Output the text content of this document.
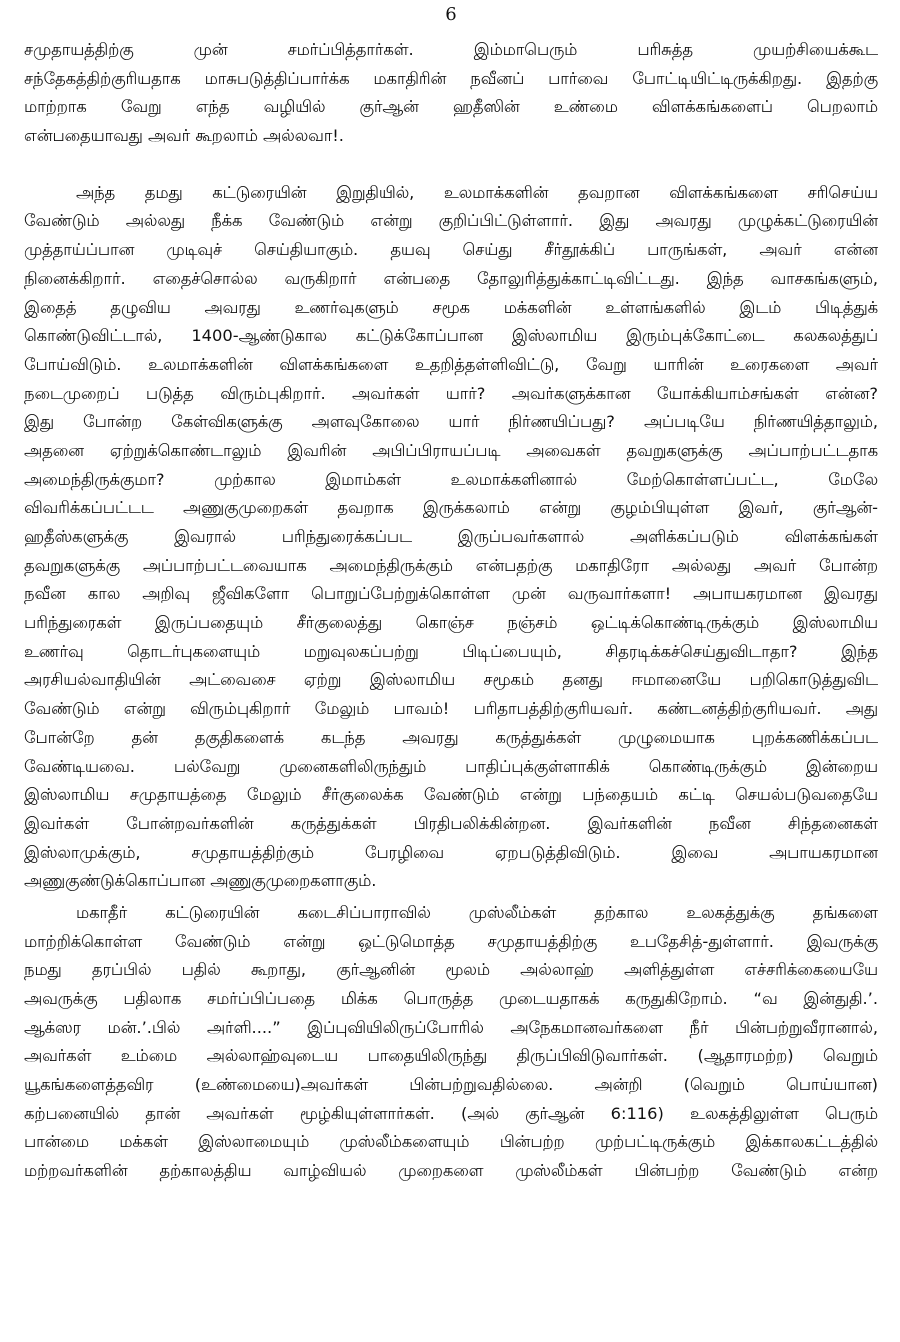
6
சமுதாயத்திற்கு முன் சமர்ப்பித்தார்கள். இம்மாபெரும் பரிசுத்த முயற்சியைக்கூட
சந்தேகத்திற்குரியதாக மாசுபடுத்திப்பார்க்க மகாதிரின் நவீனப் பார்வை போட்டியிட்டிருக்கிறது. இதற்கு
மாற்றாக வேறு எந்த வழியில் குர்ஆன் ஹதீஸின் உண்மை விளக்கங்களைப் பெறலாம்
என்பதையாவது அவர் கூறலாம் அல்லவா!.
அந்த தமது கட்டுரையின் இறுதியில், உலமாக்களின் தவறான விளக்கங்களை சரிசெய்ய
வேண்டும் அல்லது நீக்க வேண்டும் என்று குறிப்பிட்டுள்ளார். இது அவரது முழுக்கட்டுரையின்
முத்தாய்ப்பான முடிவுச் செய்தியாகும். தயவு செய்து சீர்தூக்கிப் பாருங்கள், அவர் என்ன
நினைக்கிறார். எதைச்சொல்ல வருகிறார் என்பதை தோலுரித்துக்காட்டிவிட்டது. இந்த வாசகங்களும்,
இதைத் தழுவிய அவரது உணர்வுகளும் சமூக மக்களின் உள்ளங்களில் இடம் பிடித்துக்
கொண்டுவிட்டால், 1400-ஆண்டுகால கட்டுக்கோப்பான இஸ்லாமிய இரும்புக்கோட்டை கலகலத்துப்
போய்விடும். உலமாக்களின் விளக்கங்களை உதறித்தள்ளிவிட்டு, வேறு யாரின் உரைகளை அவர்
நடைமுறைப் படுத்த விரும்புகிறார். அவர்கள் யார்? அவர்களுக்கான யோக்கியாம்சங்கள் என்ன?
இது போன்ற கேள்விகளுக்கு அளவுகோலை யார் நிர்ணயிப்பது? அப்படியே நிர்ணயித்தாலும்,
அதனை ஏற்றுக்கொண்டாலும் இவரின் அபிப்பிராயப்படி அவைகள் தவறுகளுக்கு அப்பாற்பட்டதாக
அமைந்திருக்குமா? முற்கால இமாம்கள் உலமாக்களினால் மேற்கொள்ளப்பட்ட, மேலே
விவரிக்கப்பட்டட அணுகுமுறைகள் தவறாக இருக்கலாம் என்று குழம்பியுள்ள இவர், குர்ஆன்-
ஹதீஸ்களுக்கு இவரால் பரிந்துரைக்கப்பட இருப்பவர்களால் அளிக்கப்படும் விளக்கங்கள்
தவறுகளுக்கு அப்பாற்பட்டவையாக அமைந்திருக்கும் என்பதற்கு மகாதிரோ அல்லது அவர் போன்ற
நவீன கால அறிவு ஜீவிகளோ பொறுப்பேற்றுக்கொள்ள முன் வருவார்களா! அபாயகரமான இவரது
பரிந்துரைகள் இருப்பதையும் சீர்குலைத்து கொஞ்ச நஞ்சம் ஒட்டிக்கொண்டிருக்கும் இஸ்லாமிய
உணர்வு தொடர்புகளையும் மறுவுலகப்பற்று பிடிப்பையும், சிதரடிக்கச்செய்துவிடாதா? இந்த
அரசியல்வாதியின் அட்வைசை ஏற்று இஸ்லாமிய சமூகம் தனது ஈமானையே பறிகொடுத்துவிட
வேண்டும் என்று விரும்புகிறார் மேலும் பாவம்! பரிதாபத்திற்குரியவர். கண்டனத்திற்குரியவர். அது
போன்றே தன் தகுதிகளைக் கடந்த அவரது கருத்துக்கள் முழுமையாக புறக்கணிக்கப்பட
வேண்டியவை. பல்வேறு முனைகளிலிருந்தும் பாதிப்புக்குள்ளாகிக் கொண்டிருக்கும் இன்றைய
இஸ்லாமிய சமுதாயத்தை மேலும் சீர்குலைக்க வேண்டும் என்று பந்தையம் கட்டி செயல்படுவதையே
இவர்கள் போன்றவர்களின் கருத்துக்கள் பிரதிபலிக்கின்றன. இவர்களின் நவீன சிந்தனைகள்
இஸ்லாமுக்கும், சமுதாயத்திற்கும் பேரழிவை ஏறபடுத்திவிடும். இவை அபாயகரமான
அணுகுண்டுக்கொப்பான அணுகுமுறைகளாகும்.
மகாதீர் கட்டுரையின் கடைசிப்பாராவில் முஸ்லீம்கள் தற்கால உலகத்துக்கு தங்களை
மாற்றிக்கொள்ள வேண்டும் என்று ஒட்டுமொத்த சமுதாயத்திற்கு உபதேசித்-துள்ளார். இவருக்கு
நமது தரப்பில் பதில் கூறாது, குர்ஆனின் மூலம் அல்லாஹ் அளித்துள்ள எச்சரிக்கையையே
அவருக்கு பதிலாக சமர்ப்பிப்பதை மிக்க பொருத்த முடையதாகக் கருதுகிறோம். “வ இன்துதி.’.
ஆக்ஸர மன்.’.பில் அர்ளி....” இப்புவியிலிருப்போரில் அநேகமானவர்களை நீர் பின்பற்றுவீரானால்,
அவர்கள் உம்மை அல்லாஹ்வுடைய பாதையிலிருந்து திருப்பிவிடுவார்கள். (ஆதாரமற்ற) வெறும்
யூகங்களைத்தவிர (உண்மையை)அவர்கள் பின்பற்றுவதில்லை. அன்றி (வெறும் பொய்யான)
கற்பனையில் தான் அவர்கள் மூழ்கியுள்ளார்கள். (அல் குர்ஆன் 6:116) உலகத்திலுள்ள பெரும்
பான்மை மக்கள் இஸ்லாமையும் முஸ்லீம்களையும் பின்பற்ற முற்பட்டிருக்கும் இக்காலகட்டத்தில்
மற்றவர்களின் தற்காலத்திய வாழ்வியல் முறைகளை முஸ்லீம்கள் பின்பற்ற வேண்டும் என்ற
